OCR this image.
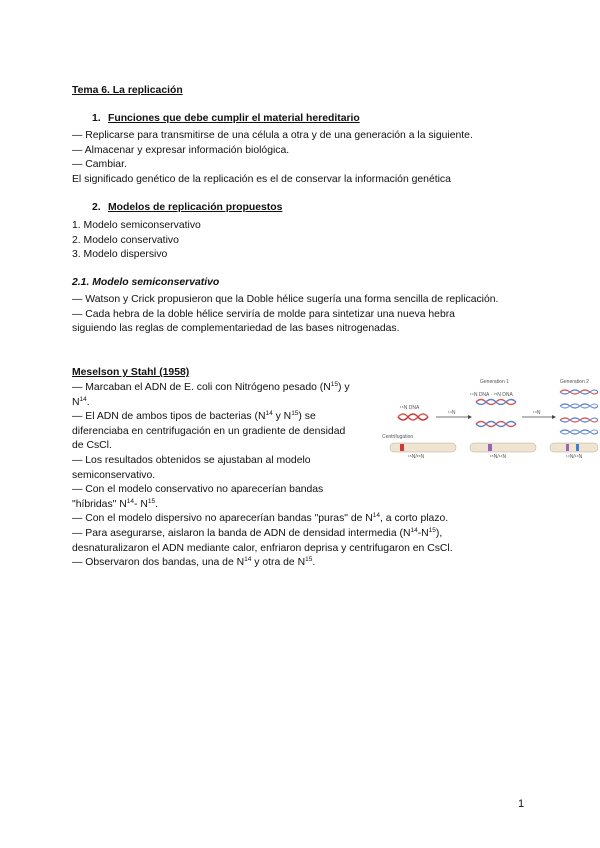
Tema 6. La replicación
1. Funciones que debe cumplir el material hereditario

— Replicarse para transmitirse de una célula a otra y de una generación a la siguiente.

— Almacenar y expresar información biológica.

— Cambiar.

El significado genético de la replicación es el de conservar la información genética

2. Modelos de replicación propuestos

1. Modelo semiconservativo

2. Modelo conservativo

3. Modelo dispersivo

2.1. Modelo semiconservativo

— Watson y Crick propusieron que la Doble hélice sugería una forma sencilla de replicación.

— Cada hebra de la doble hélice serviría de molde para sintetizar una nueva hebra

siguiendo las reglas de complementariedad de las bases nitrogenadas.

Meselson y Stahl (1958)

— Marcaban el ADN de E. coli con Nitrógeno pesado $(N^{15})$ y

$N^{14}$.

— El ADN de ambos tipos de bacterias ($N^{14}$ y $N^{15}$) se

diferenciaba en centrifugación en un gradiente de densidad

de CsCl.

— Los resultados obtenidos se ajustaban al modelo

semiconservativo.

— Con el modelo conservativo no aparecerían bandas

"híbridas" $N^{14}-$ $N^{15}$.

— Con el modelo dispersivo no aparecerían bandas "puras" de $N^{14}$, a corto plazo.

— Para asegurarse, aislaron la banda de ADN de densidad intermedia $(N^{14}-N^{15})$,

desnaturalizaron el ADN mediante calor, enfriaron deprisa y centrifugaron en CsCl.

— Observaron dos bandas, una de $N^{14}$ y otra de $N^{15}$.

Generation 1	Generation 2
¹⁵N DNA
¹⁴N DNA · ¹⁵N DNA
¹⁴N	¹⁴N
Centrifugation
¹⁵N/¹⁵N	¹⁵N/¹⁴N	¹⁴N/¹⁴N
1
